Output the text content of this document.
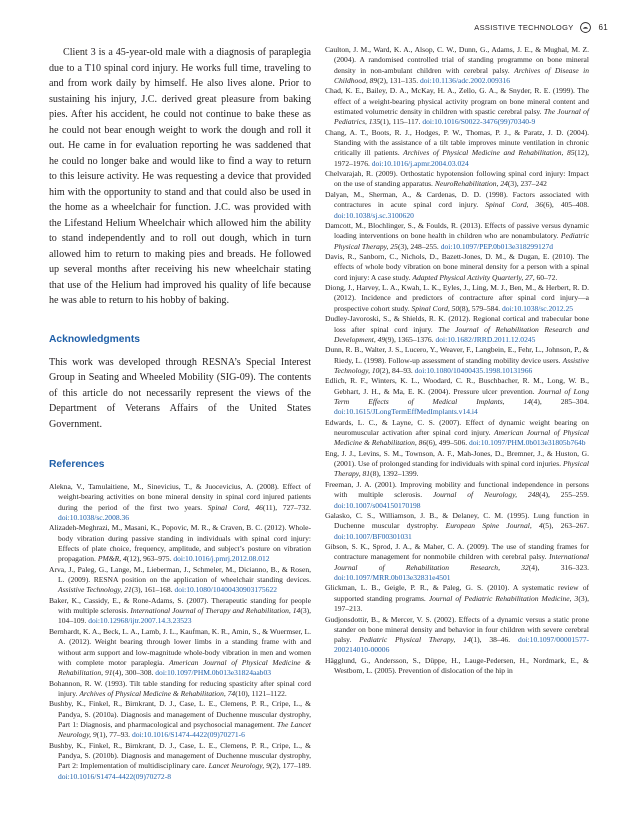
ASSISTIVE TECHNOLOGY	61

Client 3 is a 45-year-old male with a diagnosis of paraplegia due to a T10 spinal cord injury. He works full time, traveling to and from work daily by himself. He also lives alone. Prior to sustaining his injury, J.C. derived great pleasure from baking pies. After his accident, he could not continue to bake these as he could not bear enough weight to work the dough and roll it out. He came in for evaluation reporting he was saddened that he could no longer bake and would like to find a way to return to this leisure activity. He was requesting a device that provided him with the opportunity to stand and that could also be used in the home as a wheelchair for function. J.C. was provided with the Lifestand Helium Wheelchair which allowed him the ability to stand independently and to roll out dough, which in turn allowed him to return to making pies and breads. He followed up several months after receiving his new wheelchair stating that use of the Helium had improved his quality of life because he was able to return to his hobby of baking.

Acknowledgments

This work was developed through RESNA’s Special Interest Group in Seating and Wheeled Mobility (SIG-09). The contents of this article do not necessarily represent the views of the Department of Veterans Affairs of the United States Government.

References

Alekna, V., Tamulaitiene, M., Sinevicius, T., & Juocevicius, A. (2008). Effect of weight-bearing activities on bone mineral density in spinal cord injured patients during the period of the first two years. Spinal Cord, 46(11), 727–732. doi:10.1038/sc.2008.36

Alizadeh-Meghrazi, M., Masani, K., Popovic, M. R., & Craven, B. C. (2012). Whole-body vibration during passive standing in individuals with spinal cord injury: Effects of plate choice, frequency, amplitude, and subject’s posture on vibration propagation. PM&R, 4(12), 963–975. doi:10.1016/j.pmrj.2012.08.012

Arva, J., Paleg, G., Lange, M., Lieberman, J., Schmeler, M., Dicianno, B., & Rosen, L. (2009). RESNA position on the application of wheelchair standing devices. Assistive Technology, 21(3), 161–168. doi:10.1080/10400430903175622

Baker, K., Cassidy, E., & Rone-Adams, S. (2007). Therapeutic standing for people with multiple sclerosis. International Journal of Therapy and Rehabilitation, 14(3), 104–109. doi:10.12968/ijtr.2007.14.3.23523

Bernhardt, K. A., Beck, L. A., Lamb, J. L., Kaufman, K. R., Amin, S., & Wuermser, L. A. (2012). Weight bearing through lower limbs in a standing frame with and without arm support and low-magnitude whole-body vibration in men and women with complete motor paraplegia. American Journal of Physical Medicine & Rehabilitation, 91(4), 300–308. doi:10.1097/PHM.0b013e31824aab03

Bohannon, R. W. (1993). Tilt table standing for reducing spasticity after spinal cord injury. Archives of Physical Medicine & Rehabilitation, 74(10), 1121–1122.

Bushby, K., Finkel, R., Birnkrant, D. J., Case, L. E., Clemens, P. R., Cripe, L., & Pandya, S. (2010a). Diagnosis and management of Duchenne muscular dystrophy, Part 1: Diagnosis, and pharmacological and psychosocial management. The Lancet Neurology, 9(1), 77–93. doi:10.1016/S1474-4422(09)70271-6

Bushby, K., Finkel, R., Birnkrant, D. J., Case, L. E., Clemens, P. R., Cripe, L., & Pandya, S. (2010b). Diagnosis and management of Duchenne muscular dystrophy, Part 2: Implementation of multidisciplinary care. Lancet Neurology, 9(2), 177–189. doi:10.1016/S1474-4422(09)70272-8

Caulton, J. M., Ward, K. A., Alsop, C. W., Dunn, G., Adams, J. E., & Mughal, M. Z. (2004). A randomised controlled trial of standing programme on bone mineral density in non-ambulant children with cerebral palsy. Archives of Disease in Childhood, 89(2), 131–135. doi:10.1136/adc.2002.009316

Chad, K. E., Bailey, D. A., McKay, H. A., Zello, G. A., & Snyder, R. E. (1999). The effect of a weight-bearing physical activity program on bone mineral content and estimated volumetric density in children with spastic cerebral palsy. The Journal of Pediatrics, 135(1), 115–117. doi:10.1016/S0022-3476(99)70340-9

Chang, A. T., Boots, R. J., Hodges, P. W., Thomas, P. J., & Paratz, J. D. (2004). Standing with the assistance of a tilt table improves minute ventilation in chronic critically ill patients. Archives of Physical Medicine and Rehabilitation, 85(12), 1972–1976. doi:10.1016/j.apmr.2004.03.024

Chelvarajah, R. (2009). Orthostatic hypotension following spinal cord injury: Impact on the use of standing apparatus. NeuroRehabilitation, 24(3), 237–242

Dalyan, M., Sherman, A., & Cardenas, D. D. (1998). Factors associated with contractures in acute spinal cord injury. Spinal Cord, 36(6), 405–408. doi:10.1038/sj.sc.3100620

Damcott, M., Blochlinger, S., & Foulds, R. (2013). Effects of passive versus dynamic loading interventions on bone health in children who are nonambulatory. Pediatric Physical Therapy, 25(3), 248–255. doi:10.1097/PEP.0b013e318299127d

Davis, R., Sanborn, C., Nichols, D., Bazett-Jones, D. M., & Dugan, E. (2010). The effects of whole body vibration on bone mineral density for a person with a spinal cord injury: A case study. Adapted Physical Activity Quarterly, 27, 60–72.

Diong, J., Harvey, L. A., Kwah, L. K., Eyles, J., Ling, M. J., Ben, M., & Herbert, R. D. (2012). Incidence and predictors of contracture after spinal cord injury—a prospective cohort study. Spinal Cord, 50(8), 579–584. doi:10.1038/sc.2012.25

Dudley-Javoroski, S., & Shields, R. K. (2012). Regional cortical and trabecular bone loss after spinal cord injury. The Journal of Rehabilitation Research and Development, 49(9), 1365–1376. doi:10.1682/JRRD.2011.12.0245

Dunn, R. B., Walter, J. S., Lucero, Y., Weaver, F., Langbein, E., Fehr, L., Johnson, P., & Riedy, L. (1998). Follow-up assessment of standing mobility device users. Assistive Technology, 10(2), 84–93. doi:10.1080/10400435.1998.10131966

Edlich, R. F., Winters, K. L., Woodard, C. R., Buschbacher, R. M., Long, W. B., Gebhart, J. H., & Ma, E. K. (2004). Pressure ulcer prevention. Journal of Long Term Effects of Medical Implants, 14(4), 285–304. doi:10.1615/JLongTermEffMedImplants.v14.i4

Edwards, L. C., & Layne, C. S. (2007). Effect of dynamic weight bearing on neuromuscular activation after spinal cord injury. American Journal of Physical Medicine & Rehabilitation, 86(6), 499–506. doi:10.1097/PHM.0b013e31805b764b

Eng, J. J., Levins, S. M., Townson, A. F., Mah-Jones, D., Bremner, J., & Huston, G. (2001). Use of prolonged standing for individuals with spinal cord injuries. Physical Therapy, 81(8), 1392–1399.

Freeman, J. A. (2001). Improving mobility and functional independence in persons with multiple sclerosis. Journal of Neurology, 248(4), 255–259. doi:10.1007/s004150170198

Galasko, C. S., Williamson, J. B., & Delaney, C. M. (1995). Lung function in Duchenne muscular dystrophy. European Spine Journal, 4(5), 263–267. doi:10.1007/BF00301031

Gibson, S. K., Sprod, J. A., & Maher, C. A. (2009). The use of standing frames for contracture management for nonmobile children with cerebral palsy. International Journal of Rehabilitation Research, 32(4), 316–323. doi:10.1097/MRR.0b013e32831e4501

Glickman, L. B., Geigle, P. R., & Paleg, G. S. (2010). A systematic review of supported standing programs. Journal of Pediatric Rehabilitation Medicine, 3(3), 197–213.

Gudjonsdottir, B., & Mercer, V. S. (2002). Effects of a dynamic versus a static prone stander on bone mineral density and behavior in four children with severe cerebral palsy. Pediatric Physical Therapy, 14(1), 38–46. doi:10.1097/00001577-200214010-00006

Hägglund, G., Andersson, S., Düppe, H., Lauge-Pedersen, H., Nordmark, E., & Westbom, L. (2005). Prevention of dislocation of the hip in
